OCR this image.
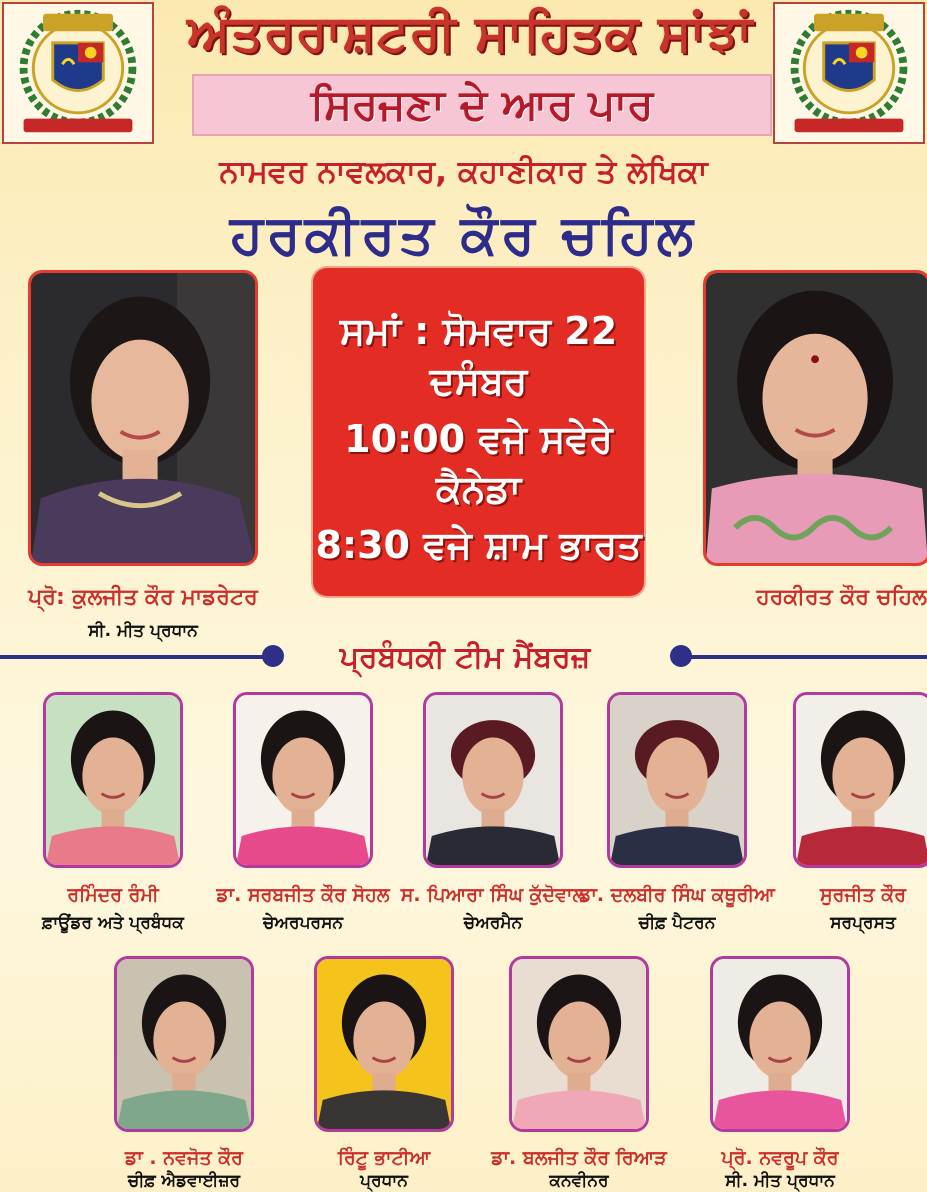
ਅੰਤਰਰਾਸ਼ਟਰੀ ਸਾਹਿਤਕ ਸਾਂਝਾਂ
ਸਿਰਜਣਾ ਦੇ ਆਰ ਪਾਰ
ਨਾਮਵਰ ਨਾਵਲਕਾਰ, ਕਹਾਣੀਕਾਰ ਤੇ ਲੇਖਿਕਾ
ਹਰਕੀਰਤ ਕੌਰ ਚਹਿਲ
ਸਮਾਂ : ਸੋਮਵਾਰ 22 ਦਸੰਬਰ
10:00 ਵਜੇ ਸਵੇਰੇ ਕੈਨੇਡਾ
8:30 ਵਜੇ ਸ਼ਾਮ ਭਾਰਤ
ਪ੍ਰੋ: ਕੁਲਜੀਤ ਕੌਰ ਮਾਡਰੇਟਰ
ਸੀ. ਮੀਤ ਪ੍ਰਧਾਨ
ਹਰਕੀਰਤ ਕੌਰ ਚਹਿਲ
ਪ੍ਰਬੰਧਕੀ ਟੀਮ ਮੈਂਬਰਜ਼
ਰਮਿੰਦਰ ਰੰਮੀ
ਫ਼ਾਊਂਡਰ ਅਤੇ ਪ੍ਰਬੰਧਕ
ਡਾ. ਸਰਬਜੀਤ ਕੌਰ ਸੋਹਲ
ਚੇਅਰਪਰਸਨ
ਸ. ਪਿਆਰਾ ਸਿੰਘ ਕੁੱਦੋਵਾਲ
ਚੇਅਰਮੈਨ
ਡਾ. ਦਲਬੀਰ ਸਿੰਘ ਕਥੂਰੀਆ
ਚੀਫ਼ ਪੈਟਰਨ
ਸੁਰਜੀਤ ਕੌਰ
ਸਰਪ੍ਰਸਤ
ਡਾ . ਨਵਜੋਤ ਕੌਰ
ਚੀਫ਼ ਐਡਵਾਈਜ਼ਰ
ਰਿੰਟੂ ਭਾਟੀਆ
ਪ੍ਰਧਾਨ
ਡਾ. ਬਲਜੀਤ ਕੌਰ ਰਿਆੜ
ਕਨਵੀਨਰ
ਪ੍ਰੋ. ਨਵਰੂਪ ਕੌਰ
ਸੀ. ਮੀਤ ਪ੍ਰਧਾਨ
